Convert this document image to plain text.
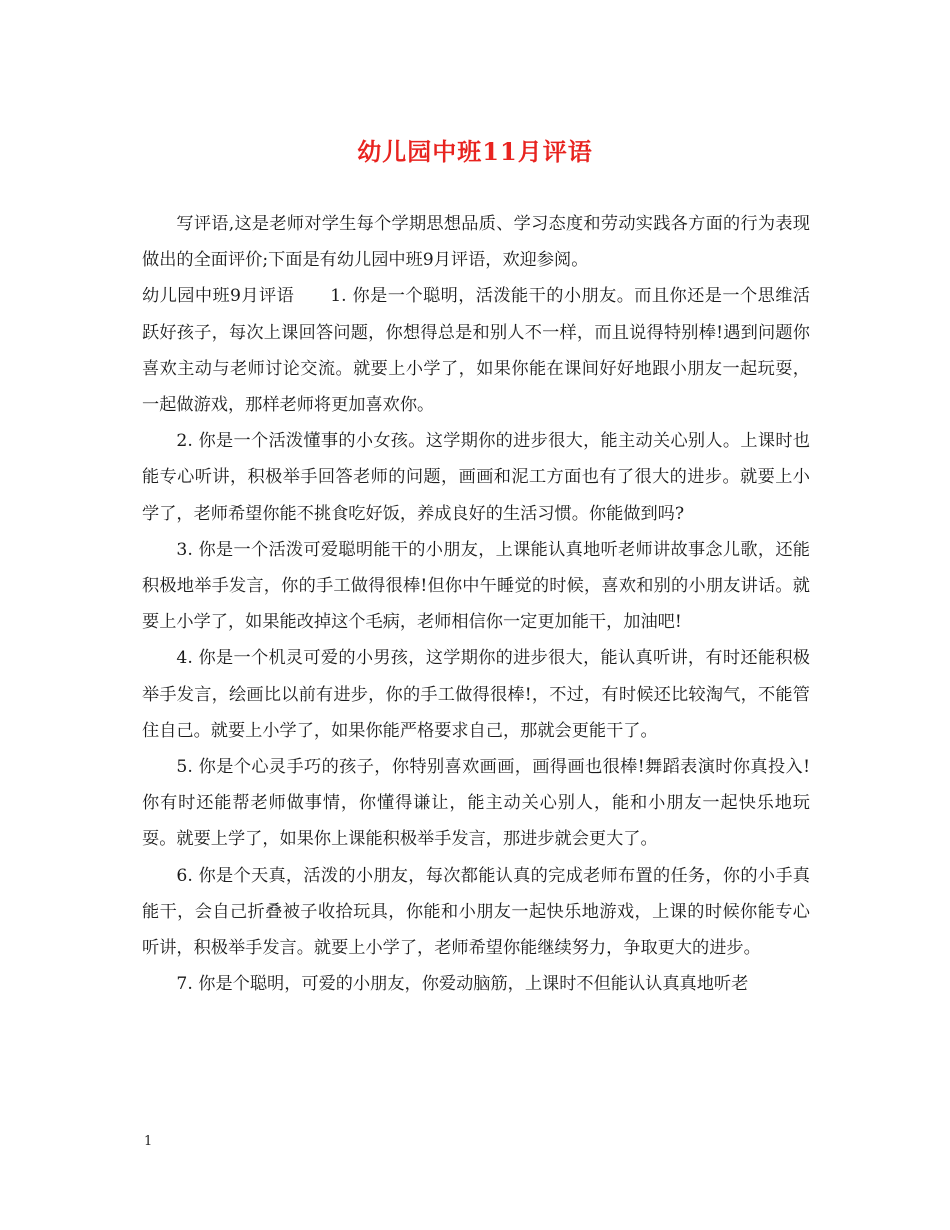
幼儿园中班11月评语

写评语,这是老师对学生每个学期思想品质、学习态度和劳动实践各方面的行为表现做出的全面评价;下面是有幼儿园中班9月评语，欢迎参阅。

幼儿园中班9月评语 1. 你是一个聪明，活泼能干的小朋友。而且你还是一个思维活跃好孩子，每次上课回答问题，你想得总是和别人不一样，而且说得特别棒!遇到问题你喜欢主动与老师讨论交流。就要上小学了，如果你能在课间好好地跟小朋友一起玩耍，一起做游戏，那样老师将更加喜欢你。

2. 你是一个活泼懂事的小女孩。这学期你的进步很大，能主动关心别人。上课时也能专心听讲，积极举手回答老师的问题，画画和泥工方面也有了很大的进步。就要上小学了，老师希望你能不挑食吃好饭，养成良好的生活习惯。你能做到吗?

3. 你是一个活泼可爱聪明能干的小朋友，上课能认真地听老师讲故事念儿歌，还能积极地举手发言，你的手工做得很棒!但你中午睡觉的时候，喜欢和别的小朋友讲话。就要上小学了，如果能改掉这个毛病，老师相信你一定更加能干，加油吧!

4. 你是一个机灵可爱的小男孩，这学期你的进步很大，能认真听讲，有时还能积极举手发言，绘画比以前有进步，你的手工做得很棒!，不过，有时候还比较淘气，不能管住自己。就要上小学了，如果你能严格要求自己，那就会更能干了。

5. 你是个心灵手巧的孩子，你特别喜欢画画，画得画也很棒!舞蹈表演时你真投入!你有时还能帮老师做事情，你懂得谦让，能主动关心别人，能和小朋友一起快乐地玩耍。就要上学了，如果你上课能积极举手发言，那进步就会更大了。

6. 你是个天真，活泼的小朋友，每次都能认真的完成老师布置的任务，你的小手真能干，会自己折叠被子收拾玩具，你能和小朋友一起快乐地游戏，上课的时候你能专心听讲，积极举手发言。就要上小学了，老师希望你能继续努力，争取更大的进步。

7. 你是个聪明，可爱的小朋友，你爱动脑筋，上课时不但能认认真真地听老

1
